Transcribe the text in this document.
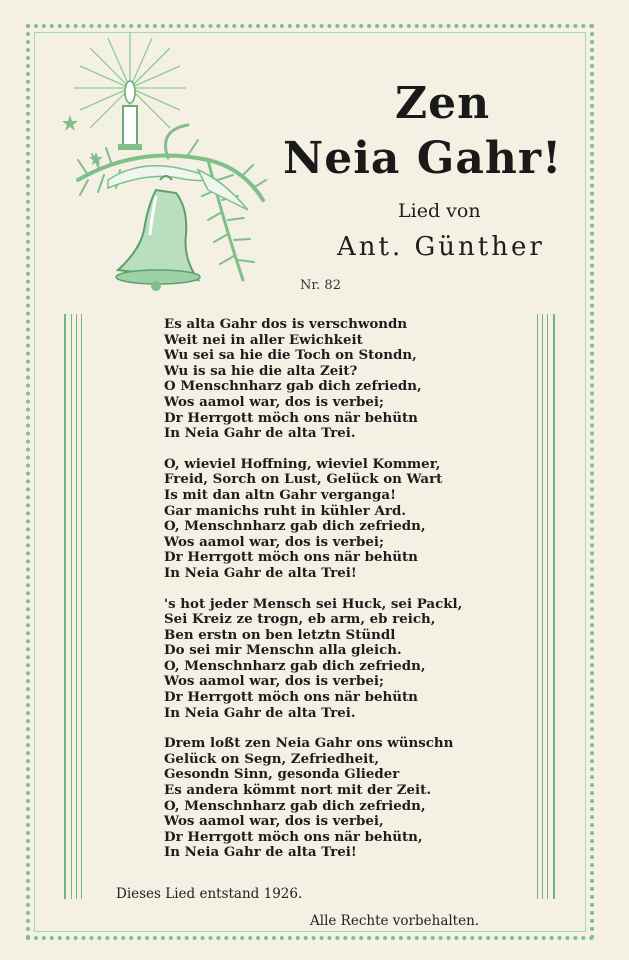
Zen
Neia Gahr!
Lied von
Ant. Günther
Nr. 82
Es alta Gahr dos is verschwondn
Weit nei in aller Ewichkeit
Wu sei sa hie die Toch on Stondn,
Wu is sa hie die alta Zeit?
O Menschnharz gab dich zefriedn,
Wos aamol war, dos is verbei;
Dr Herrgott möch ons när behütn
In Neia Gahr de alta Trei.
O, wieviel Hoffning, wieviel Kommer,
Freid, Sorch on Lust, Gelück on Wart
Is mit dan altn Gahr verganga!
Gar manichs ruht in kühler Ard.
O, Menschnharz gab dich zefriedn,
Wos aamol war, dos is verbei;
Dr Herrgott möch ons när behütn
In Neia Gahr de alta Trei!
's hot jeder Mensch sei Huck, sei Packl,
Sei Kreiz ze trogn, eb arm, eb reich,
Ben erstn on ben letztn Stündl
Do sei mir Menschn alla gleich.
O, Menschnharz gab dich zefriedn,
Wos aamol war, dos is verbei;
Dr Herrgott möch ons när behütn
In Neia Gahr de alta Trei.
Drem loßt zen Neia Gahr ons wünschn
Gelück on Segn, Zefriedheit,
Gesondn Sinn, gesonda Glieder
Es andera kömmt nort mit der Zeit.
O, Menschnharz gab dich zefriedn,
Wos aamol war, dos is verbei,
Dr Herrgott möch ons när behütn,
In Neia Gahr de alta Trei!
Dieses Lied entstand 1926.
Alle Rechte vorbehalten.
